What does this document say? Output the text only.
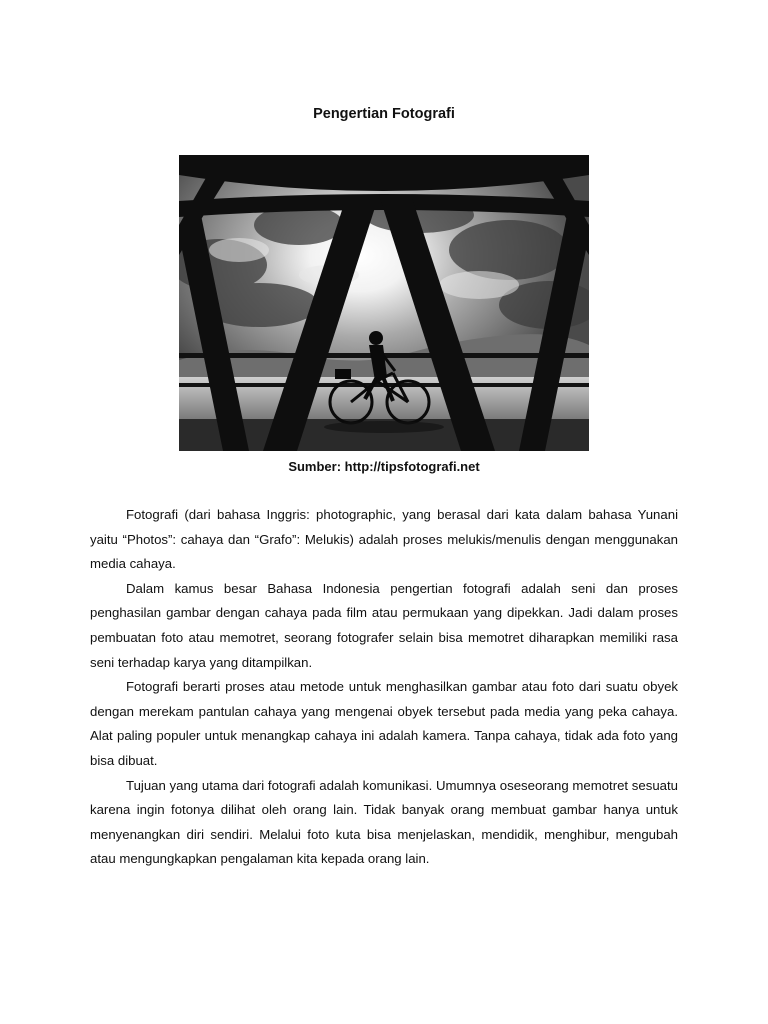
Pengertian Fotografi
Sumber: http://tipsfotografi.net

Fotografi (dari bahasa Inggris: photographic, yang berasal dari kata dalam bahasa Yunani yaitu “Photos”: cahaya dan “Grafo”: Melukis) adalah proses melukis/menulis dengan menggunakan media cahaya.

Dalam kamus besar Bahasa Indonesia pengertian fotografi adalah seni dan proses penghasilan gambar dengan cahaya pada film atau permukaan yang dipekkan. Jadi dalam proses pembuatan foto atau memotret, seorang fotografer selain bisa memotret diharapkan memiliki rasa seni terhadap karya yang ditampilkan.

Fotografi berarti proses atau metode untuk menghasilkan gambar atau foto dari suatu obyek dengan merekam pantulan cahaya yang mengenai obyek tersebut pada media yang peka cahaya. Alat paling populer untuk menangkap cahaya ini adalah kamera. Tanpa cahaya, tidak ada foto yang bisa dibuat.

Tujuan yang utama dari fotografi adalah komunikasi. Umumnya oseseorang memotret sesuatu karena ingin fotonya dilihat oleh orang lain. Tidak banyak orang membuat gambar hanya untuk menyenangkan diri sendiri. Melalui foto kuta bisa menjelaskan, mendidik, menghibur, mengubah atau mengungkapkan pengalaman kita kepada orang lain.
